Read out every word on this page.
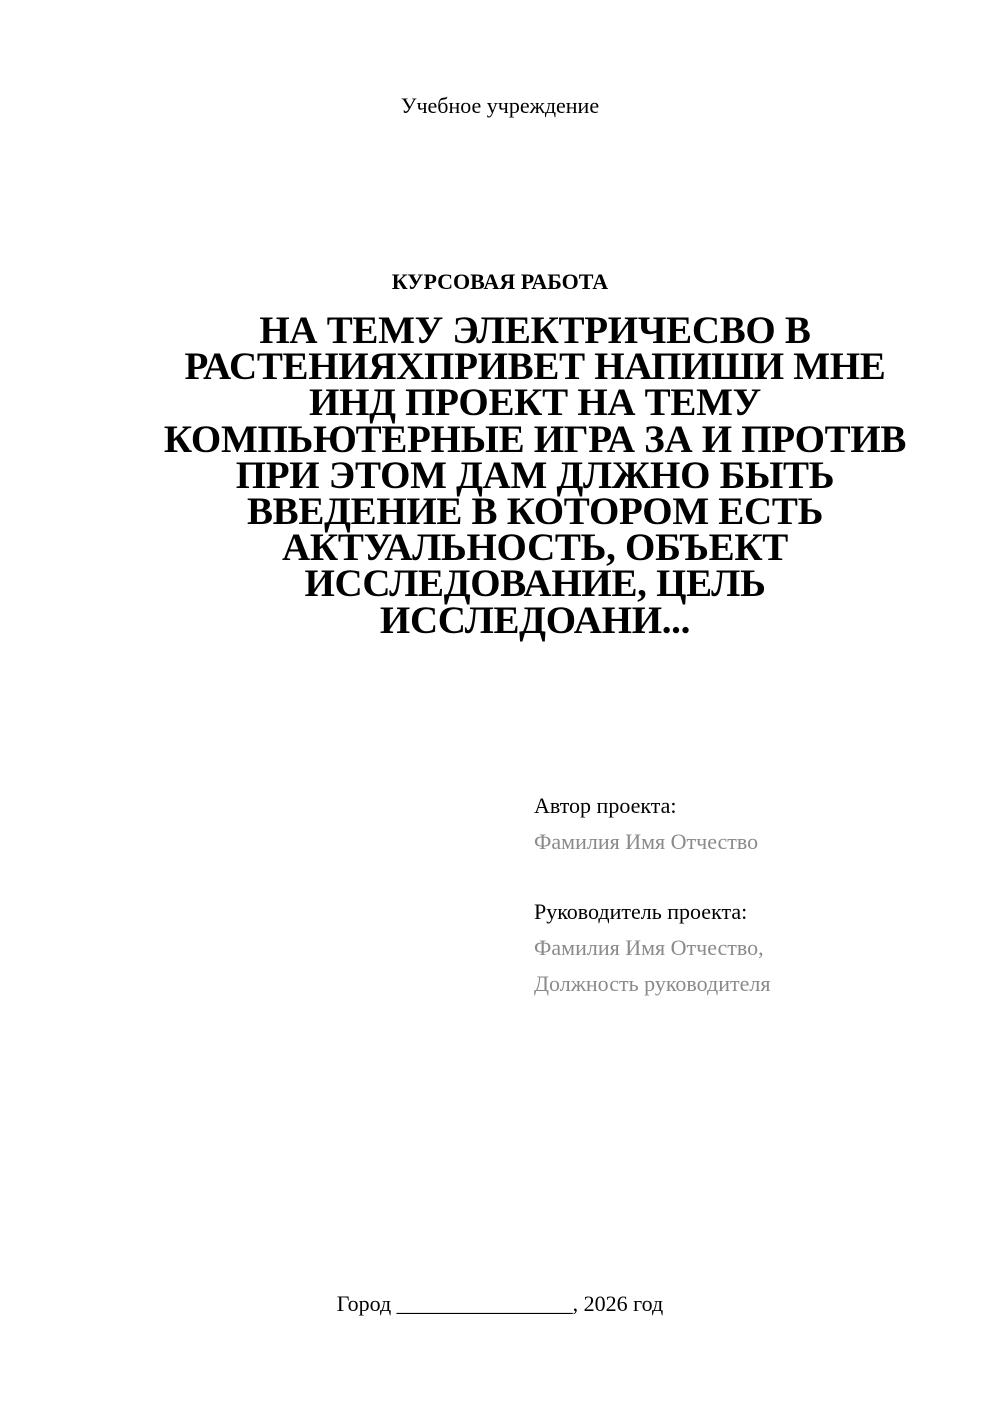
Учебное учреждение
КУРСОВАЯ РАБОТА
НА ТЕМУ ЭЛЕКТРИЧЕСВО В
РАСТЕНИЯХПРИВЕТ НАПИШИ МНЕ
ИНД ПРОЕКТ НА ТЕМУ
КОМПЬЮТЕРНЫЕ ИГРА ЗА И ПРОТИВ
ПРИ ЭТОМ ДАМ ДЛЖНО БЫТЬ
ВВЕДЕНИЕ В КОТОРОМ ЕСТЬ
АКТУАЛЬНОСТЬ, ОБЪЕКТ
ИССЛЕДОВАНИЕ, ЦЕЛЬ
ИССЛЕДОАНИ...
Автор проекта:
Фамилия Имя Отчество
Руководитель проекта:
Фамилия Имя Отчество,
Должность руководителя
Город ________________, 2026 год
